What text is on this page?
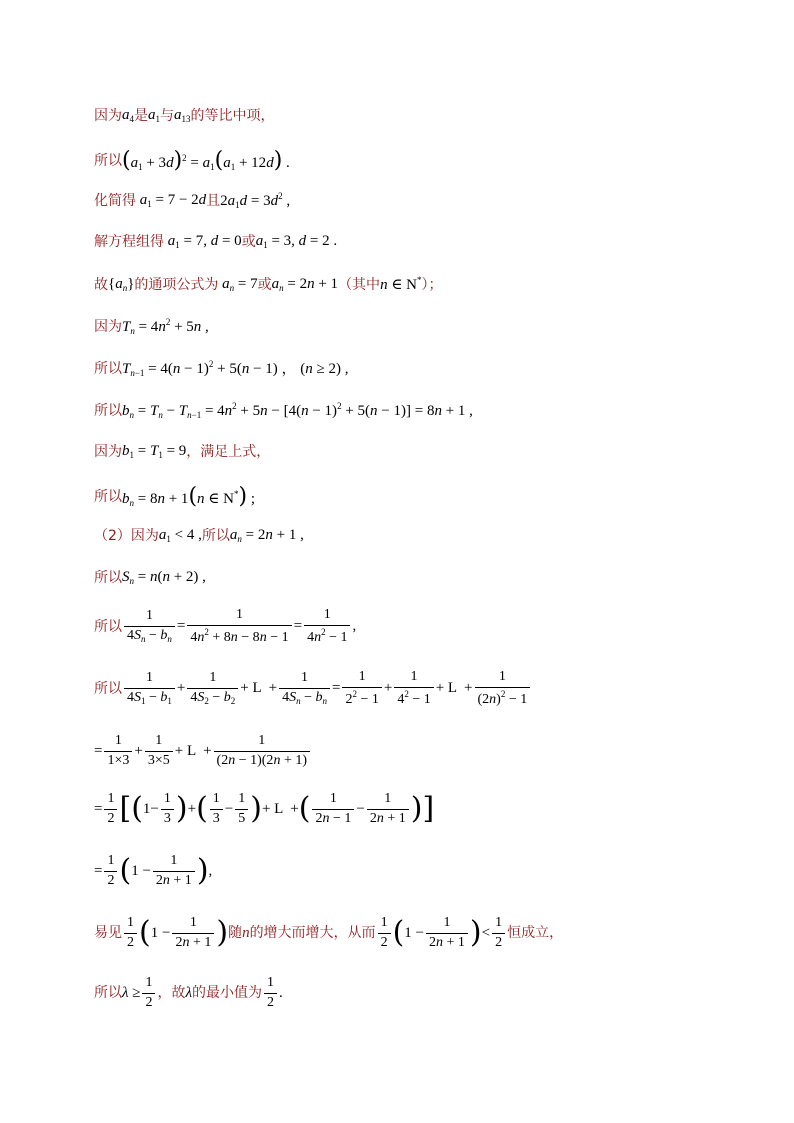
因为 $a_4$ 是 $a_1$ 与 $a_{13}$ 的等比中项，
所以 $(a_1 + 3d)^2 = a_1(a_1 + 12d)$ .
化简得 $a_1 = 7 - 2d$ 且 $2a_1d = 3d^2$ ,
解方程组得 $a_1 = 7$, d = 0 或 $a_1 = 3$, d = 2 .
故 $\{a_n\}$ 的通项公式为 $a_n = 7$ 或 $a_n = 2n + 1$ （其中 n ∈ N* ）；
因为 $T_n = 4n^2 + 5n$ ,
所以 $T_{n-1} = 4(n - 1)^2 + 5(n - 1)$ ， (n ≥ 2) ,
所以 $b_n = T_n - T_{n-1} = 4n^2 + 5n - [4(n - 1)^2 + 5(n - 1)] = 8n + 1$ ,
因为 $b_1 = T_1 = 9$ ，满足上式，
所以 $b_n = 8n + 1(n$ ∈ N*) ;
（2）因为 $a_1 < 4$ , 所以 $a_n = 2n + 1$ ,
所以 $S_n = n(n + 2)$ ,
所以 $\frac{1}{4S_n - b_n} = \frac{1}{4n^2 + 8n - 8n - 1} = \frac{1}{4n^2 - 1}$ ,
所以 $\frac{1}{4S_1 - b_1} + \frac{1}{4S_2 - b_2} + L + \frac{1}{4S_n - b_n} = \frac{1}{2^2 - 1} + \frac{1}{4^2 - 1} + L + \frac{1}{(2n)^2 - 1}$
= $\frac{1}{1\times 3} + \frac{1}{3\times 5} + L + \frac{1}{(2n - 1)(2n + 1)}$
= $\frac{1}{2}$ [ ( $1- \frac{1}{3}$ ) + ( $\frac{1}{3} - \frac{1}{5}$ ) + L  + ( $\frac{1}{2n - 1} - \frac{1}{2n + 1}$ ) ]
= $\frac{1}{2}$ ( $1 - \frac{1}{2n + 1}$ ) ,
易见 $\frac{1}{2}$ ( $1 - \frac{1}{2n + 1}$ ) 随 n 的增大而增大，从而 $\frac{1}{2}$ ( $1 - \frac{1}{2n + 1}$ ) < $\frac{1}{2}$ 恒成立，
所以 $\lambda \ge \frac{1}{2}$ ，故 λ 的最小值为 $\frac{1}{2}$ .
